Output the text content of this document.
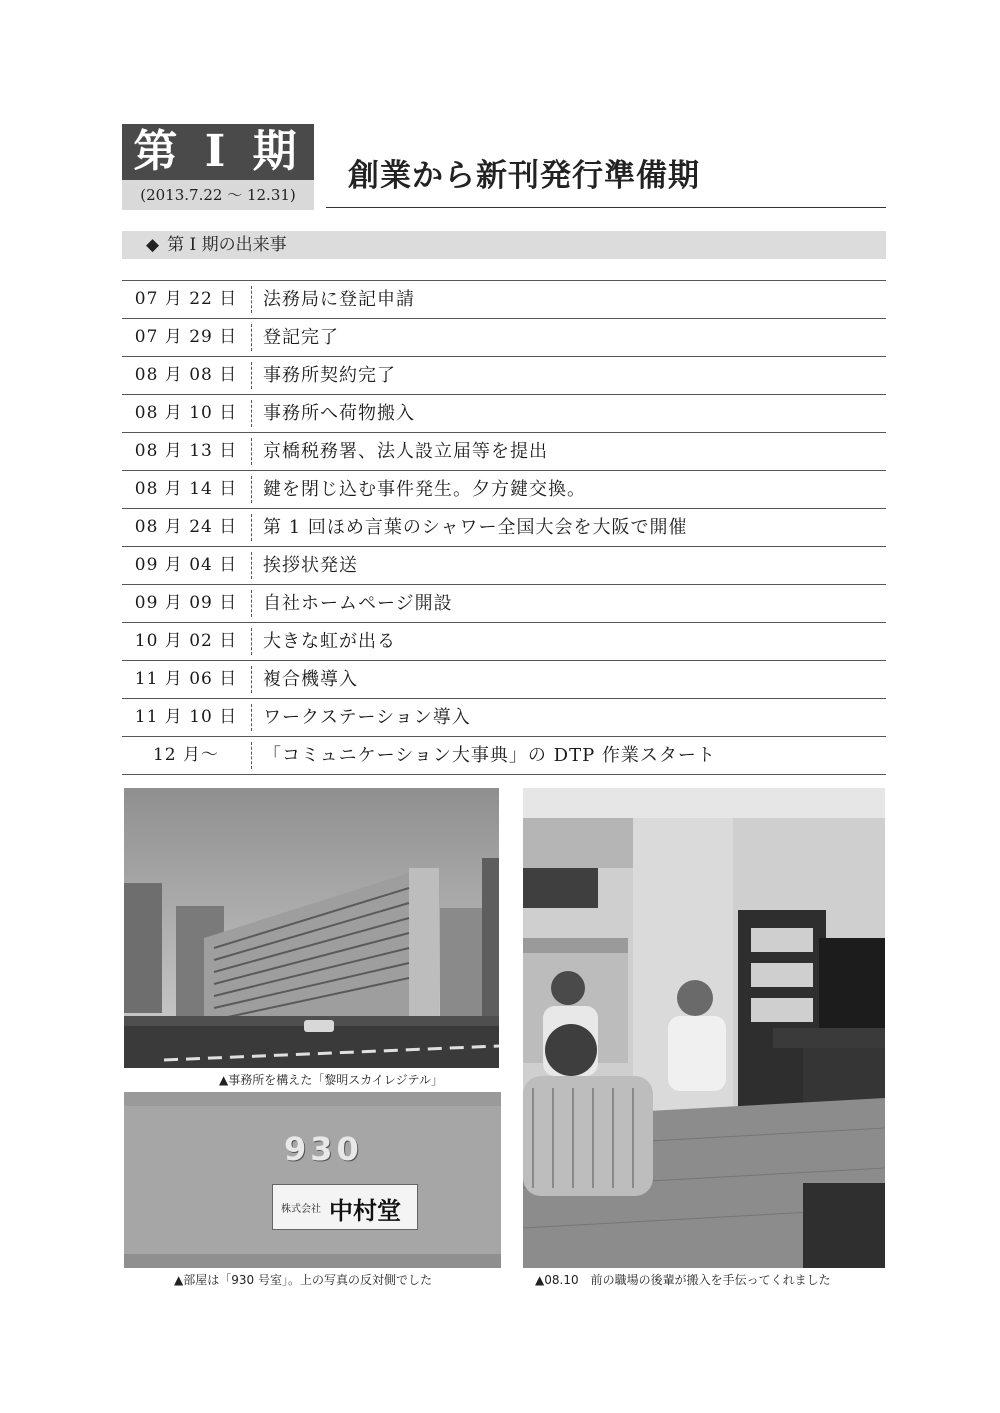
第 I 期
(2013.7.22 ～ 12.31)
創業から新刊発行準備期
◆ 第 I 期の出来事
07 月 22 日	法務局に登記申請
07 月 29 日	登記完了
08 月 08 日	事務所契約完了
08 月 10 日	事務所へ荷物搬入
08 月 13 日	京橋税務署、法人設立届等を提出
08 月 14 日	鍵を閉じ込む事件発生。夕方鍵交換。
08 月 24 日	第 1 回ほめ言葉のシャワー全国大会を大阪で開催
09 月 04 日	挨拶状発送
09 月 09 日	自社ホームページ開設
10 月 02 日	大きな虹が出る
11 月 06 日	複合機導入
11 月 10 日	ワークステーション導入
12 月～	「コミュニケーション大事典」の DTP 作業スタート
▲事務所を構えた「黎明スカイレジテル」
930
株式会社 中村堂
▲部屋は「930 号室」。上の写真の反対側でした	▲08.10　前の職場の後輩が搬入を手伝ってくれました
